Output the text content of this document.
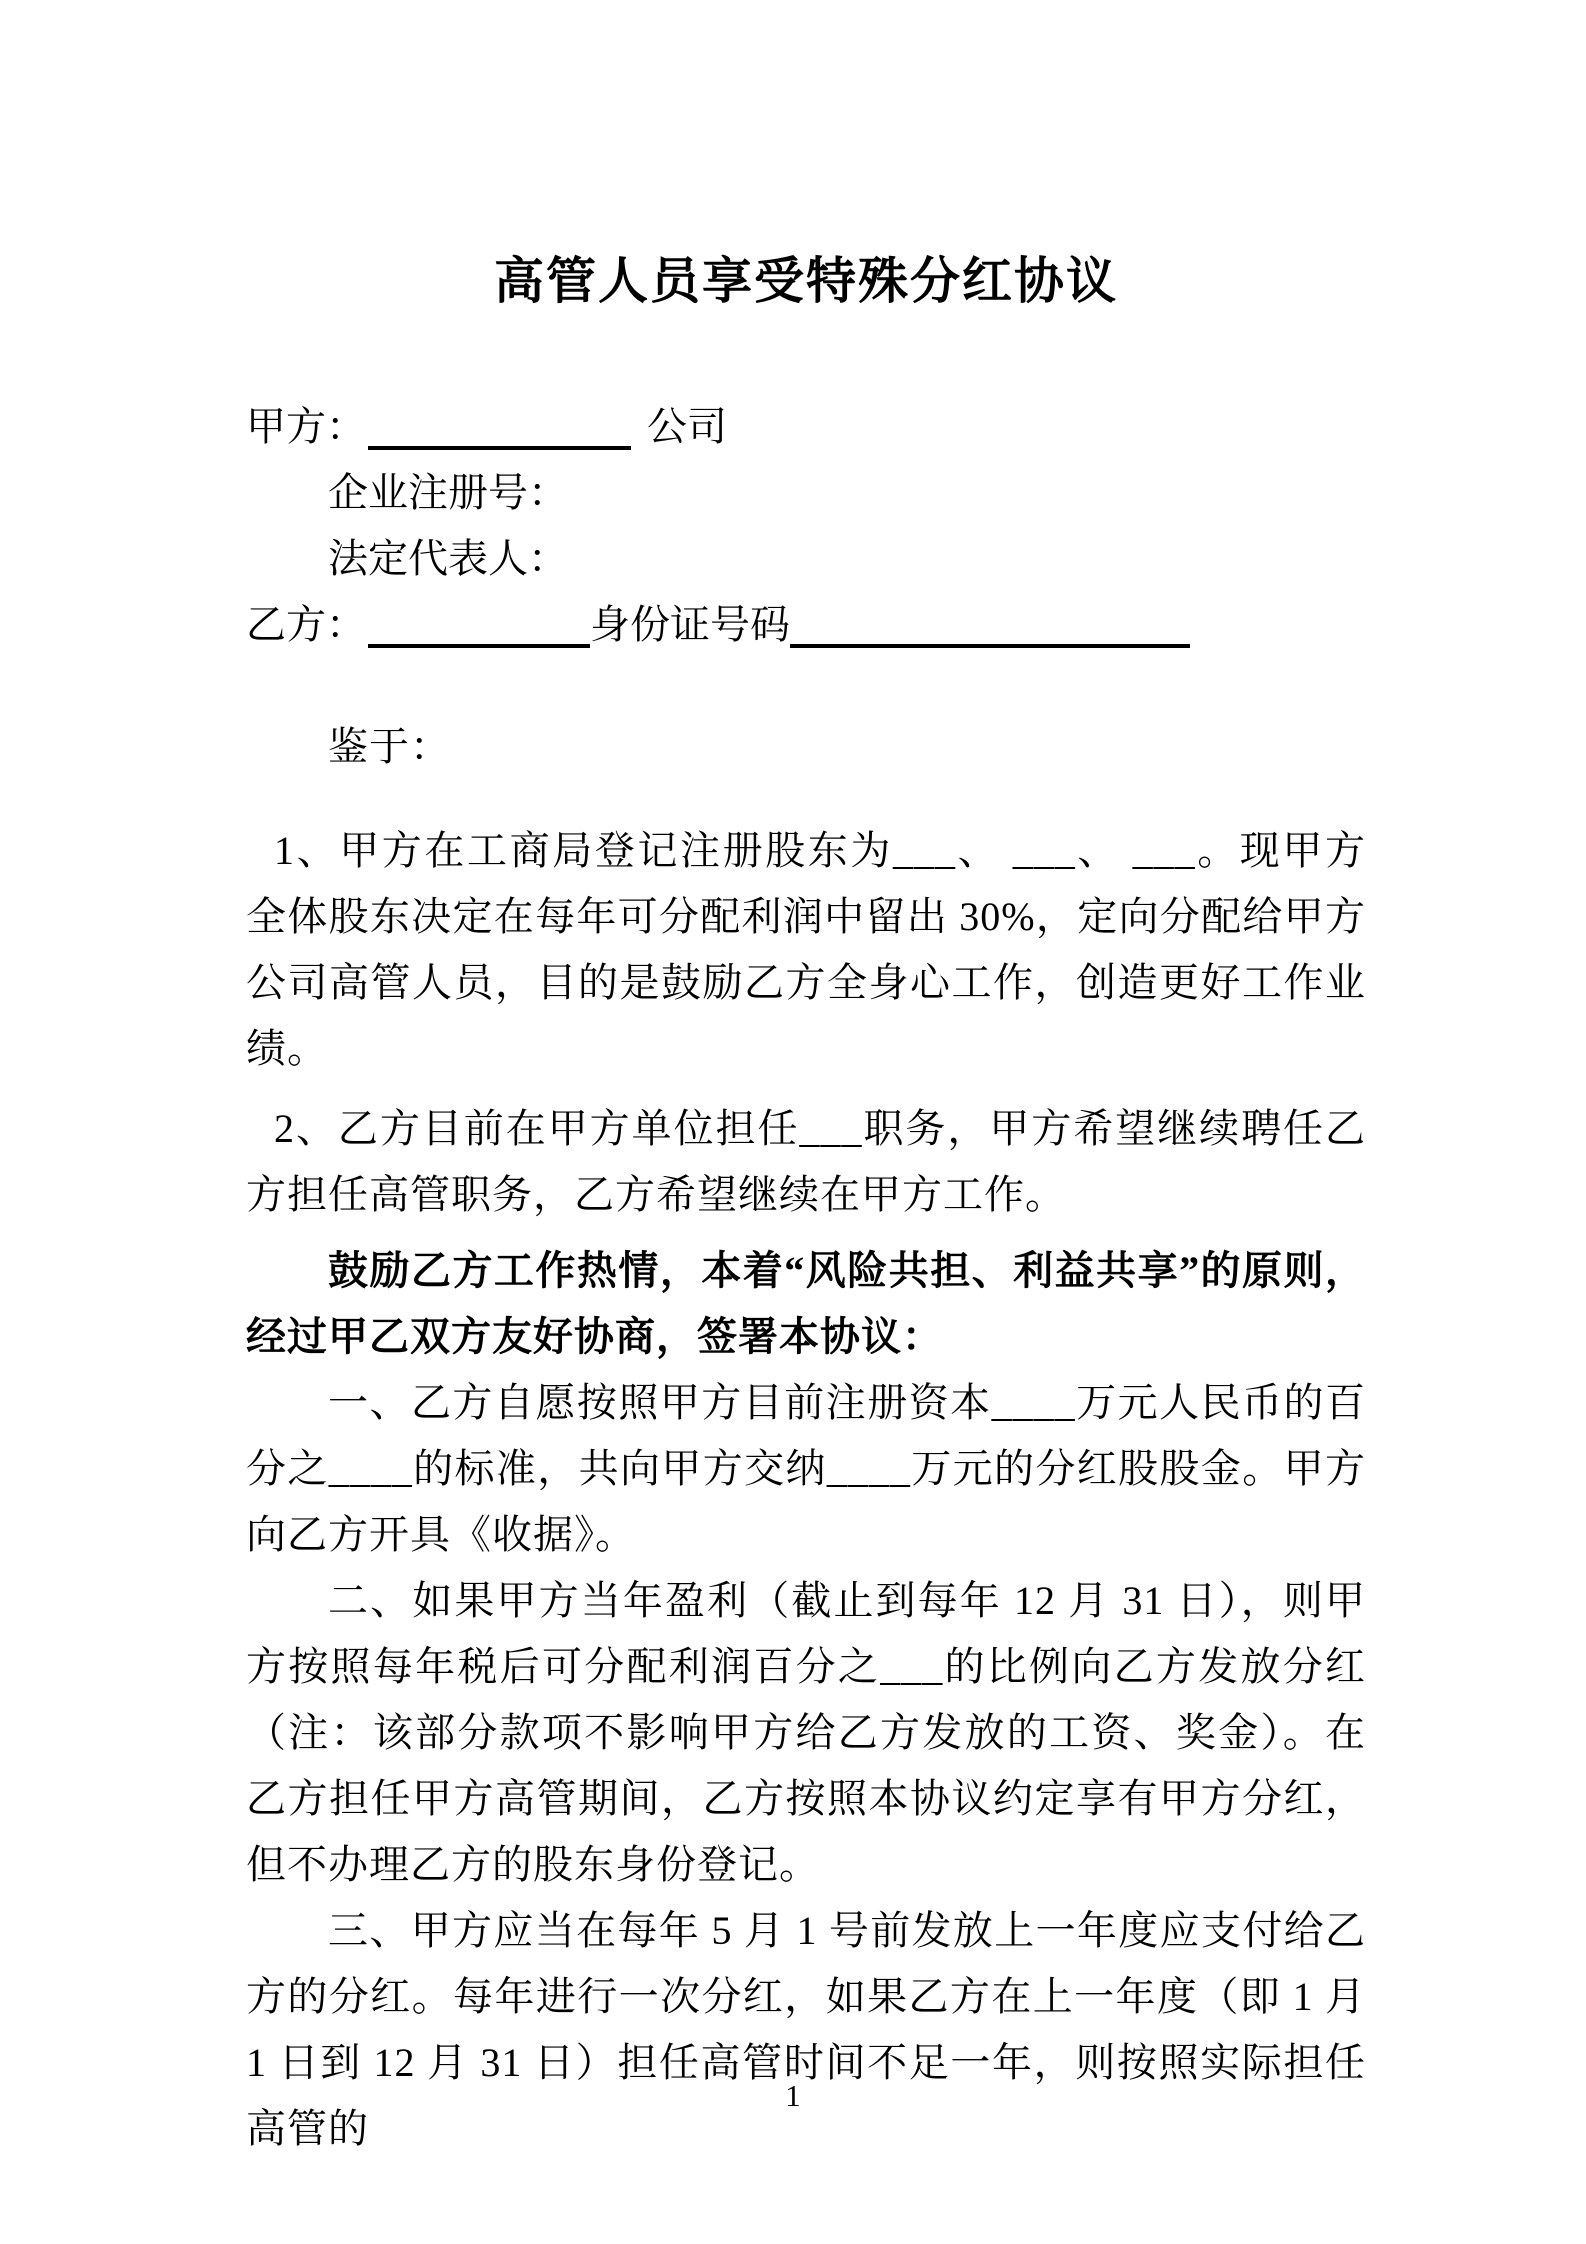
高管人员享受特殊分红协议
甲方：	公司
企业注册号：
法定代表人：
乙方：	身份证号码
鉴于：
1、甲方在工商局登记注册股东为___、 ___、 ___。现甲方全体股东决定在每年可分配利润中留出 30%，定向分配给甲方公司高管人员，目的是鼓励乙方全身心工作，创造更好工作业绩。
2、乙方目前在甲方单位担任___职务，甲方希望继续聘任乙方担任高管职务，乙方希望继续在甲方工作。
鼓励乙方工作热情，本着“风险共担、利益共享”的原则，经过甲乙双方友好协商，签署本协议：
一、乙方自愿按照甲方目前注册资本____万元人民币的百分之____的标准，共向甲方交纳____万元的分红股股金。甲方向乙方开具《收据》。
二、如果甲方当年盈利（截止到每年 12 月 31 日），则甲方按照每年税后可分配利润百分之___的比例向乙方发放分红（注：该部分款项不影响甲方给乙方发放的工资、奖金）。在乙方担任甲方高管期间，乙方按照本协议约定享有甲方分红，但不办理乙方的股东身份登记。
三、甲方应当在每年 5 月 1 号前发放上一年度应支付给乙方的分红。每年进行一次分红，如果乙方在上一年度（即 1 月 1 日到 12 月 31 日）担任高管时间不足一年，则按照实际担任高管的
1
